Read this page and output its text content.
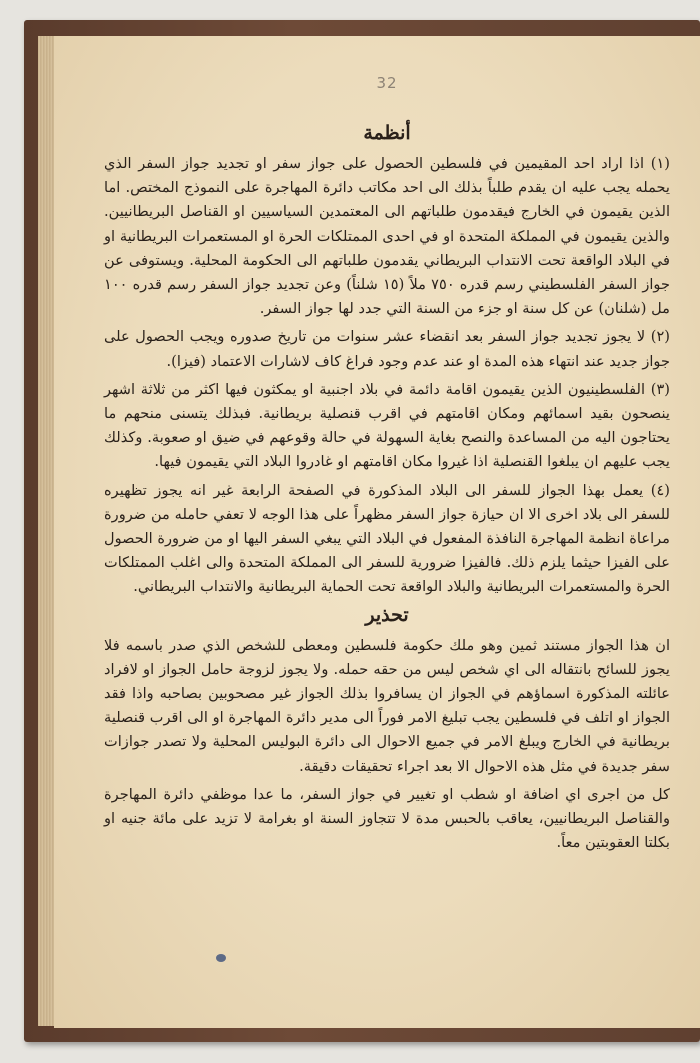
32
أنظمة

(١) اذا اراد احد المقيمين في فلسطين الحصول على جواز سفر او تجديد جواز السفر الذي يحمله يجب عليه ان يقدم طلباً بذلك الى احد مكاتب دائرة المهاجرة على النموذج المختص. اما الذين يقيمون في الخارج فيقدمون طلباتهم الى المعتمدين السياسيين او القناصل البريطانيين. والذين يقيمون في المملكة المتحدة او في احدى الممتلكات الحرة او المستعمرات البريطانية او في البلاد الواقعة تحت الانتداب البريطاني يقدمون طلباتهم الى الحكومة المحلية. ويستوفى عن جواز السفر الفلسطيني رسم قدره ٧٥٠ ملاً (١٥ شلناً) وعن تجديد جواز السفر رسم قدره ١٠٠ مل (شلنان) عن كل سنة او جزء من السنة التي جدد لها جواز السفر.

(٢) لا يجوز تجديد جواز السفر بعد انقضاء عشر سنوات من تاريخ صدوره ويجب الحصول على جواز جديد عند انتهاء هذه المدة او عند عدم وجود فراغ كاف لاشارات الاعتماد (فيزا).

(٣) الفلسطينيون الذين يقيمون اقامة دائمة في بلاد اجنبية او يمكثون فيها اكثر من ثلاثة اشهر ينصحون بقيد اسمائهم ومكان اقامتهم في اقرب قنصلية بريطانية. فبذلك يتسنى منحهم ما يحتاجون اليه من المساعدة والنصح بغاية السهولة في حالة وقوعهم في ضيق او صعوبة. وكذلك يجب عليهم ان يبلغوا القنصلية اذا غيروا مكان اقامتهم او غادروا البلاد التي يقيمون فيها.

(٤) يعمل بهذا الجواز للسفر الى البلاد المذكورة في الصفحة الرابعة غير انه يجوز تظهيره للسفر الى بلاد اخرى الا ان حيازة جواز السفر مظهراً على هذا الوجه لا تعفي حامله من ضرورة مراعاة انظمة المهاجرة النافذة المفعول في البلاد التي يبغي السفر اليها او من ضرورة الحصول على الفيزا حيثما يلزم ذلك. فالفيزا ضرورية للسفر الى المملكة المتحدة والى اغلب الممتلكات الحرة والمستعمرات البريطانية والبلاد الواقعة تحت الحماية البريطانية والانتداب البريطاني.

تحذير

ان هذا الجواز مستند ثمين وهو ملك حكومة فلسطين ومعطى للشخص الذي صدر باسمه فلا يجوز للسائح بانتقاله الى اي شخص ليس من حقه حمله. ولا يجوز لزوجة حامل الجواز او لافراد عائلته المذكورة اسماؤهم في الجواز ان يسافروا بذلك الجواز غير مصحوبين بصاحبه واذا فقد الجواز او اتلف في فلسطين يجب تبليغ الامر فوراً الى مدير دائرة المهاجرة او الى اقرب قنصلية بريطانية في الخارج ويبلغ الامر في جميع الاحوال الى دائرة البوليس المحلية ولا تصدر جوازات سفر جديدة في مثل هذه الاحوال الا بعد اجراء تحقيقات دقيقة.

كل من اجرى اي اضافة او شطب او تغيير في جواز السفر، ما عدا موظفي دائرة المهاجرة والقناصل البريطانيين، يعاقب بالحبس مدة لا تتجاوز السنة او بغرامة لا تزيد على مائة جنيه او بكلتا العقوبتين معاً.
